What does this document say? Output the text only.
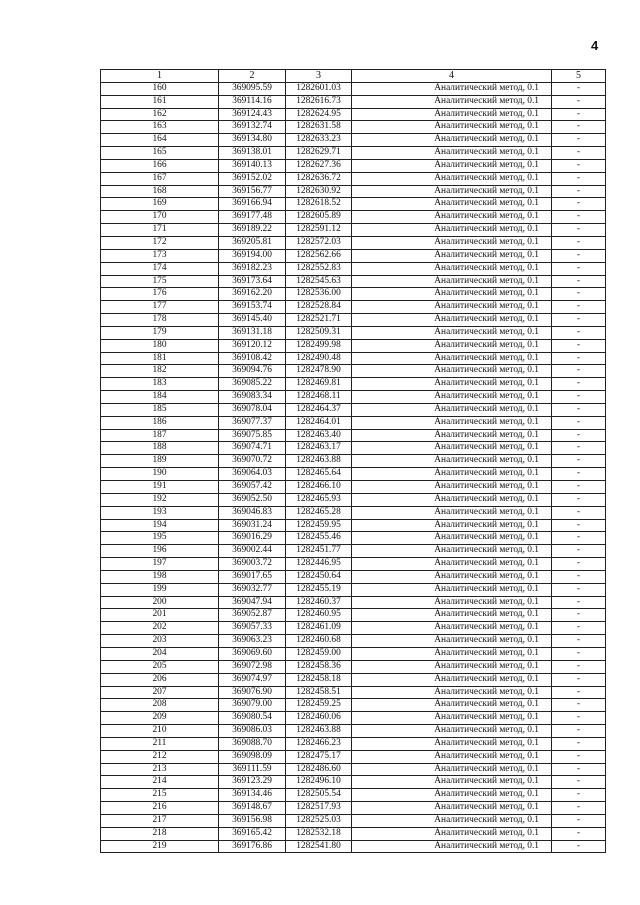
4
1	2	3	4	5
160	369095.59	1282601.03	Аналитический метод, 0.1	-
161	369114.16	1282616.73	Аналитический метод, 0.1	-
162	369124.43	1282624.95	Аналитический метод, 0.1	-
163	369132.74	1282631.58	Аналитический метод, 0.1	-
164	369134.80	1282633.23	Аналитический метод, 0.1	-
165	369138.01	1282629.71	Аналитический метод, 0.1	-
166	369140.13	1282627.36	Аналитический метод, 0.1	-
167	369152.02	1282636.72	Аналитический метод, 0.1	-
168	369156.77	1282630.92	Аналитический метод, 0.1	-
169	369166.94	1282618.52	Аналитический метод, 0.1	-
170	369177.48	1282605.89	Аналитический метод, 0.1	-
171	369189.22	1282591.12	Аналитический метод, 0.1	-
172	369205.81	1282572.03	Аналитический метод, 0.1	-
173	369194.00	1282562.66	Аналитический метод, 0.1	-
174	369182.23	1282552.83	Аналитический метод, 0.1	-
175	369173.64	1282545.63	Аналитический метод, 0.1	-
176	369162.20	1282536.00	Аналитический метод, 0.1	-
177	369153.74	1282528.84	Аналитический метод, 0.1	-
178	369145.40	1282521.71	Аналитический метод, 0.1	-
179	369131.18	1282509.31	Аналитический метод, 0.1	-
180	369120.12	1282499.98	Аналитический метод, 0.1	-
181	369108.42	1282490.48	Аналитический метод, 0.1	-
182	369094.76	1282478.90	Аналитический метод, 0.1	-
183	369085.22	1282469.81	Аналитический метод, 0.1	-
184	369083.34	1282468.11	Аналитический метод, 0.1	-
185	369078.04	1282464.37	Аналитический метод, 0.1	-
186	369077.37	1282464.01	Аналитический метод, 0.1	-
187	369075.85	1282463.40	Аналитический метод, 0.1	-
188	369074.71	1282463.17	Аналитический метод, 0.1	-
189	369070.72	1282463.88	Аналитический метод, 0.1	-
190	369064.03	1282465.64	Аналитический метод, 0.1	-
191	369057.42	1282466.10	Аналитический метод, 0.1	-
192	369052.50	1282465.93	Аналитический метод, 0.1	-
193	369046.83	1282465.28	Аналитический метод, 0.1	-
194	369031.24	1282459.95	Аналитический метод, 0.1	-
195	369016.29	1282455.46	Аналитический метод, 0.1	-
196	369002.44	1282451.77	Аналитический метод, 0.1	-
197	369003.72	1282446.95	Аналитический метод, 0.1	-
198	369017.65	1282450.64	Аналитический метод, 0.1	-
199	369032.77	1282455.19	Аналитический метод, 0.1	-
200	369047.94	1282460.37	Аналитический метод, 0.1	-
201	369052.87	1282460.95	Аналитический метод, 0.1	-
202	369057.33	1282461.09	Аналитический метод, 0.1	-
203	369063.23	1282460.68	Аналитический метод, 0.1	-
204	369069.60	1282459.00	Аналитический метод, 0.1	-
205	369072.98	1282458.36	Аналитический метод, 0.1	-
206	369074.97	1282458.18	Аналитический метод, 0.1	-
207	369076.90	1282458.51	Аналитический метод, 0.1	-
208	369079.00	1282459.25	Аналитический метод, 0.1	-
209	369080.54	1282460.06	Аналитический метод, 0.1	-
210	369086.03	1282463.88	Аналитический метод, 0.1	-
211	369088.70	1282466.23	Аналитический метод, 0.1	-
212	369098.09	1282475.17	Аналитический метод, 0.1	-
213	369111.59	1282486.60	Аналитический метод, 0.1	-
214	369123.29	1282496.10	Аналитический метод, 0.1	-
215	369134.46	1282505.54	Аналитический метод, 0.1	-
216	369148.67	1282517.93	Аналитический метод, 0.1	-
217	369156.98	1282525.03	Аналитический метод, 0.1	-
218	369165.42	1282532.18	Аналитический метод, 0.1	-
219	369176.86	1282541.80	Аналитический метод, 0.1	-
